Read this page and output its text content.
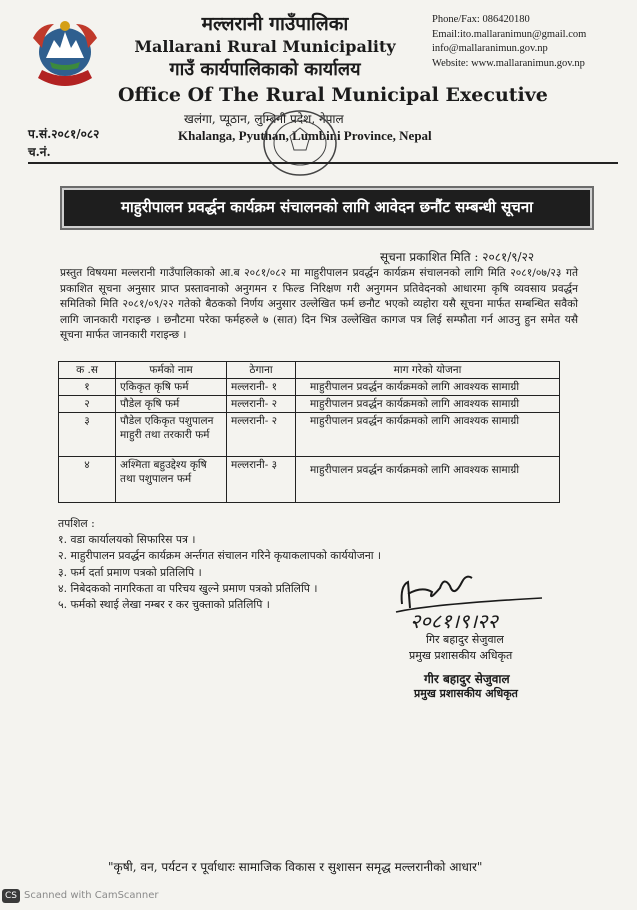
मल्लरानी गाउँपालिका
Mallarani Rural Municipality
गाउँ कार्यपालिकाको कार्यालय
Phone/Fax: 086420180
Email:ito.mallaranimun@gmail.com
info@mallaranimun.gov.np
Website: www.mallaranimun.gov.np
Office Of The Rural Municipal Executive
खलंगा, प्यूठान, लुम्बिनी प्रदेश, नेपाल
Khalanga, Pyuthan, Lumbini Province, Nepal
प.सं.२०८१/०८२
च.नं.
माहुरीपालन प्रवर्द्धन कार्यक्रम संचालनको लागि आवेदन छनौंट सम्बन्धी सूचना
सूचना प्रकाशित मिति : २०८१/९/२२
प्रस्तुत विषयमा मल्लरानी गाउँपालिकाको आ.ब २०८१/०८२ मा माहुरीपालन प्रवर्द्धन कार्यक्रम संचालनको लागि मिति २०८१/०७/२३ गते प्रकाशित सूचना अनुसार प्राप्त प्रस्तावनाको अनुगमन र फिल्ड निरिक्षण गरी अनुगमन प्रतिवेदनको आधारमा कृषि व्यवसाय प्रवर्द्धन समितिको मिति २०८१/०९/२२ गतेको बैठकको निर्णय अनुसार उल्लेखित फर्म छनौट भएको व्यहोरा यसै सूचना मार्फत सम्बन्धित सवैको लागि जानकारी गराइन्छ । छनौटमा परेका फर्महरुले ७ (सात) दिन भित्र उल्लेखित कागज पत्र लिई सम्फौता गर्न आउनु हुन समेत यसै सूचना मार्फत जानकारी गराइन्छ ।
क .स	फर्मको नाम	ठेगाना	माग गरेको योजना
१	एकिकृत कृषि फर्म	मल्लरानी- १	माहुरीपालन प्रवर्द्धन कार्यक्रमको लागि आवश्यक सामाग्री
२	पौडेल कृषि फर्म	मल्लरानी- २	माहुरीपालन प्रवर्द्धन कार्यक्रमको लागि आवश्यक सामाग्री
३	पौडेल एकिकृत पशुपालन माहुरी तथा तरकारी फर्म	मल्लरानी- २	माहुरीपालन प्रवर्द्धन कार्यक्रमको लागि आवश्यक सामाग्री
४	अश्मिता बहुउद्देश्य कृषि तथा पशुपालन फर्म	मल्लरानी- ३	माहुरीपालन प्रवर्द्धन कार्यक्रमको लागि आवश्यक सामाग्री
तपशिल :
१. वडा कार्यालयको सिफारिस पत्र ।
२. माहुरीपालन प्रवर्द्धन कार्यक्रम अर्न्तगत संचालन गरिने कृयाकलापको कार्ययोजना ।
३. फर्म दर्ता प्रमाण पत्रको प्रतिलिपि ।
४. निबेदकको नागरिकता वा परिचय खुल्ने प्रमाण पत्रको प्रतिलिपि ।
५. फर्मको स्थाई लेखा नम्बर र कर चुक्ताको प्रतिलिपि ।
२०८१।९।२२
गिर बहादुर सेजुवाल
प्रमुख प्रशासकीय अधिकृत
गीर बहादुर सेजुवाल
प्रमुख प्रशासकीय अधिकृत
"कृषी, वन, पर्यटन र पूर्वाधारः सामाजिक विकास र सुशासन समृद्ध मल्लरानीको आधार"
CS Scanned with CamScanner
